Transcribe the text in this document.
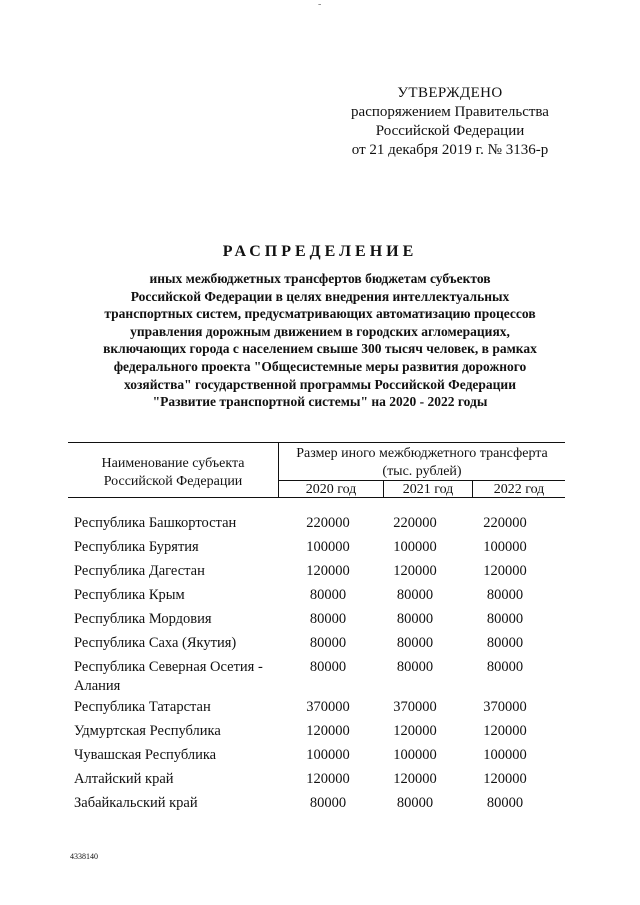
-
УТВЕРЖДЕНО
распоряжением Правительства
Российской Федерации
от 21 декабря 2019 г. № 3136-р
РАСПРЕДЕЛЕНИЕ
иных межбюджетных трансфертов бюджетам субъектов
Российской Федерации в целях внедрения интеллектуальных
транспортных систем, предусматривающих автоматизацию процессов
управления дорожным движением в городских агломерациях,
включающих города с населением свыше 300 тысяч человек, в рамках
федерального проекта "Общесистемные меры развития дорожного
хозяйства" государственной программы Российской Федерации
"Развитие транспортной системы" на 2020 - 2022 годы
Наименование субъекта
Российской Федерации
Размер иного межбюджетного трансферта
(тыс. рублей)
2020 год	2021 год	2022 год
Республика Башкортостан	220000	220000	220000
Республика Бурятия	100000	100000	100000
Республика Дагестан	120000	120000	120000
Республика Крым	80000	80000	80000
Республика Мордовия	80000	80000	80000
Республика Саха (Якутия)	80000	80000	80000
Республика Северная Осетия -
Алания
80000	80000	80000
Республика Татарстан	370000	370000	370000
Удмуртская Республика	120000	120000	120000
Чувашская Республика	100000	100000	100000
Алтайский край	120000	120000	120000
Забайкальский край	80000	80000	80000
4338140
